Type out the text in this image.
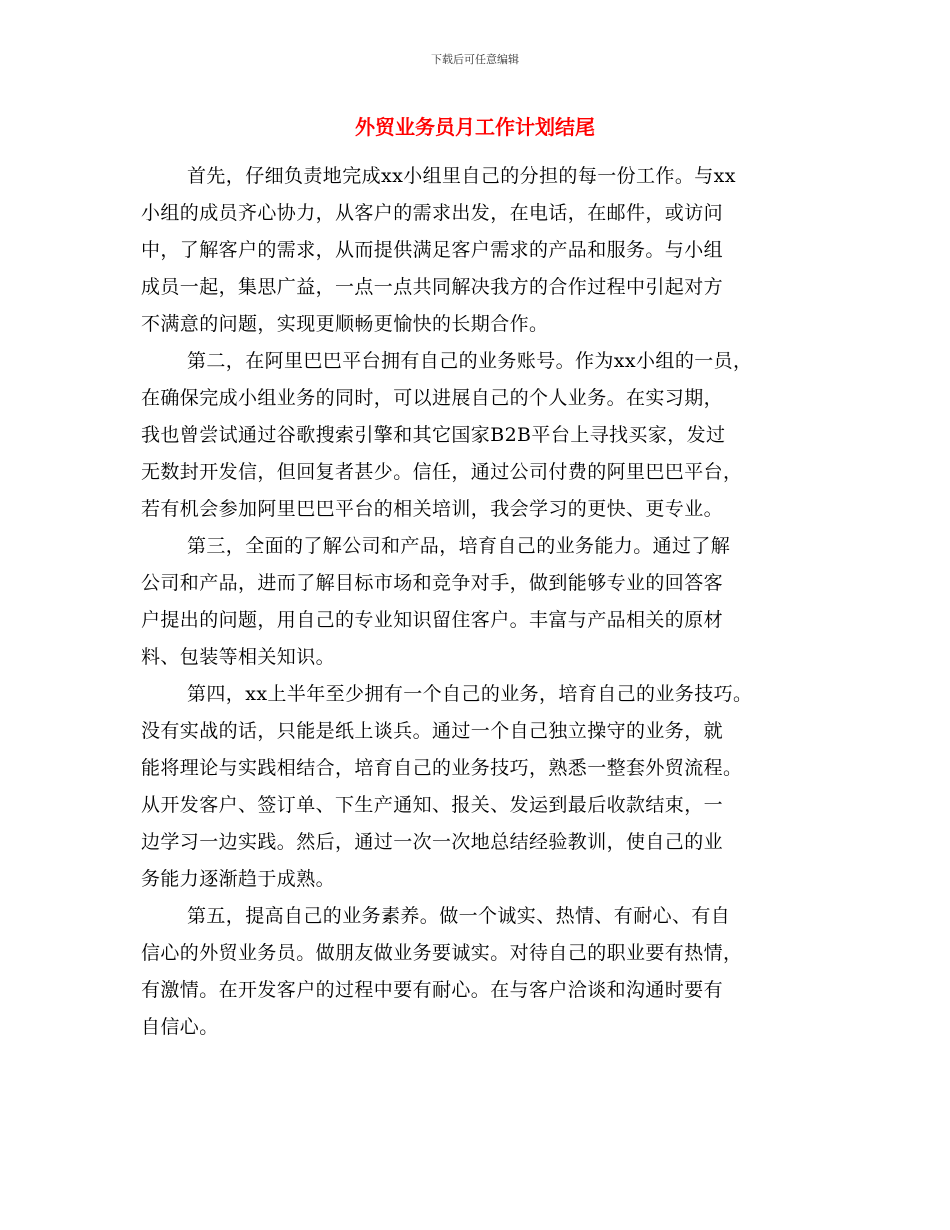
下载后可任意编辑
外贸业务员月工作计划结尾
首先，仔细负责地完成xx小组里自己的分担的每一份工作。与xx
小组的成员齐心协力，从客户的需求出发，在电话，在邮件，或访问
中，了解客户的需求，从而提供满足客户需求的产品和服务。与小组
成员一起，集思广益，一点一点共同解决我方的合作过程中引起对方
不满意的问题，实现更顺畅更愉快的长期合作。
第二，在阿里巴巴平台拥有自己的业务账号。作为xx小组的一员，
在确保完成小组业务的同时，可以进展自己的个人业务。在实习期，
我也曾尝试通过谷歌搜索引擎和其它国家B2B平台上寻找买家，发过
无数封开发信，但回复者甚少。信任，通过公司付费的阿里巴巴平台，
若有机会参加阿里巴巴平台的相关培训，我会学习的更快、更专业。
第三，全面的了解公司和产品，培育自己的业务能力。通过了解
公司和产品，进而了解目标市场和竞争对手，做到能够专业的回答客
户提出的问题，用自己的专业知识留住客户。丰富与产品相关的原材
料、包装等相关知识。
第四，xx上半年至少拥有一个自己的业务，培育自己的业务技巧。
没有实战的话，只能是纸上谈兵。通过一个自己独立操守的业务，就
能将理论与实践相结合，培育自己的业务技巧，熟悉一整套外贸流程。
从开发客户、签订单、下生产通知、报关、发运到最后收款结束，一
边学习一边实践。然后，通过一次一次地总结经验教训，使自己的业
务能力逐渐趋于成熟。
第五，提高自己的业务素养。做一个诚实、热情、有耐心、有自
信心的外贸业务员。做朋友做业务要诚实。对待自己的职业要有热情，
有激情。在开发客户的过程中要有耐心。在与客户洽谈和沟通时要有
自信心。
